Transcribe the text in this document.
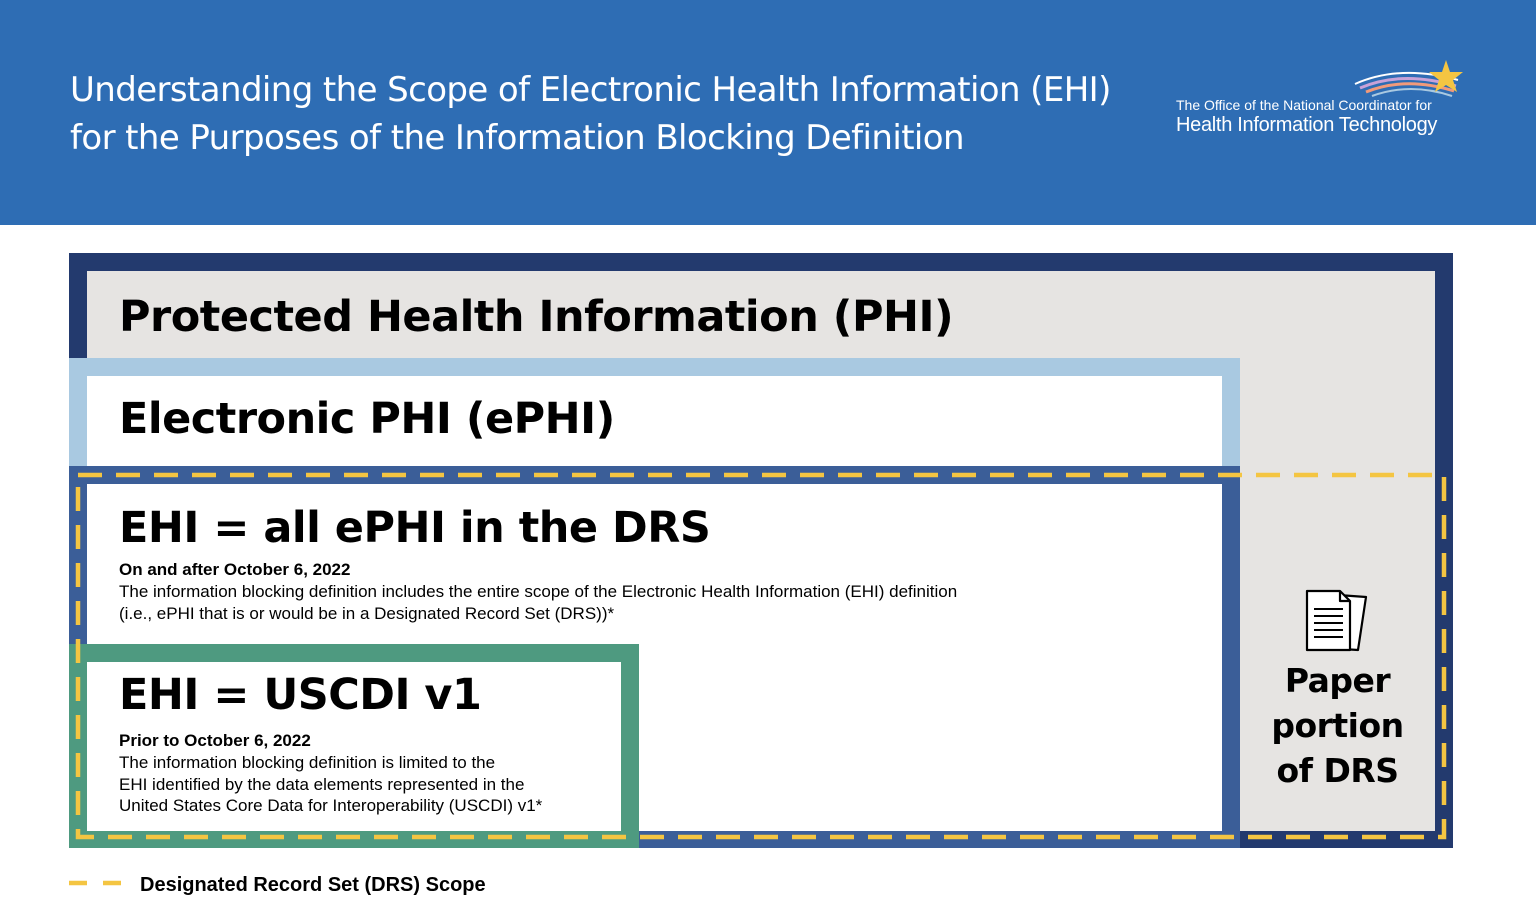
Understanding the Scope of Electronic Health Information (EHI)
for the Purposes of the Information Blocking Definition
The Office of the National Coordinator for
Health Information Technology
Protected Health Information (PHI)
Electronic PHI (ePHI)
EHI = all ePHI in the DRS
On and after October 6, 2022
The information blocking definition includes the entire scope of the Electronic Health Information (EHI) definition
(i.e., ePHI that is or would be in a Designated Record Set (DRS))*
EHI = USCDI v1
Prior to October 6, 2022
The information blocking definition is limited to the
EHI identified by the data elements represented in the
United States Core Data for Interoperability (USCDI) v1*
Paper
portion
of DRS
Designated Record Set (DRS) Scope
